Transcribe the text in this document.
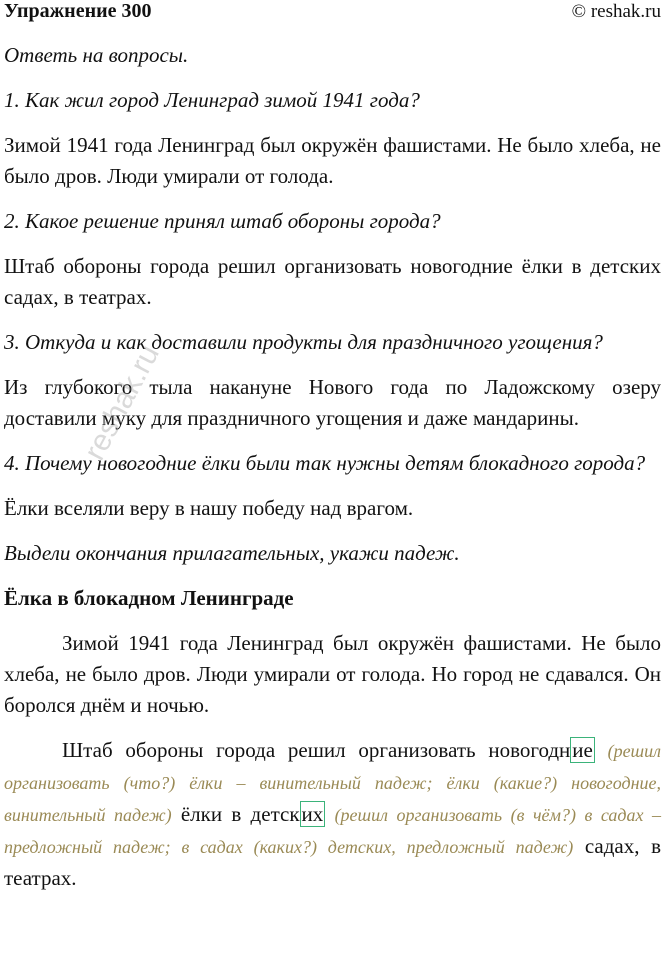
Упражнение 300	© reshak.ru

Ответь на вопросы.

1. Как жил город Ленинград зимой 1941 года?

Зимой 1941 года Ленинград был окружён фашистами. Не было хлеба, не было дров. Люди умирали от голода.

2. Какое решение принял штаб обороны города?

Штаб обороны города решил организовать новогодние ёлки в детских садах, в театрах.

3. Откуда и как доставили продукты для праздничного угощения?

Из глубокого тыла накануне Нового года по Ладожскому озеру доставили муку для праздничного угощения и даже мандарины.

4. Почему новогодние ёлки были так нужны детям блокадного города?

Ёлки вселяли веру в нашу победу над врагом.

Выдели окончания прилагательных, укажи падеж.

Ёлка в блокадном Ленинграде

Зимой 1941 года Ленинград был окружён фашистами. Не было хлеба, не было дров. Люди умирали от голода. Но город не сдавался. Он боролся днём и ночью.

Штаб обороны города решил организовать новогодние (решил организовать (что?) ёлки – винительный падеж; ёлки (какие?) новогодние, винительный падеж) ёлки в детских (решил организовать (в чём?) в садах – предложный падеж; в садах (каких?) детских, предложный падеж) садах, в театрах.

reshak.ru
